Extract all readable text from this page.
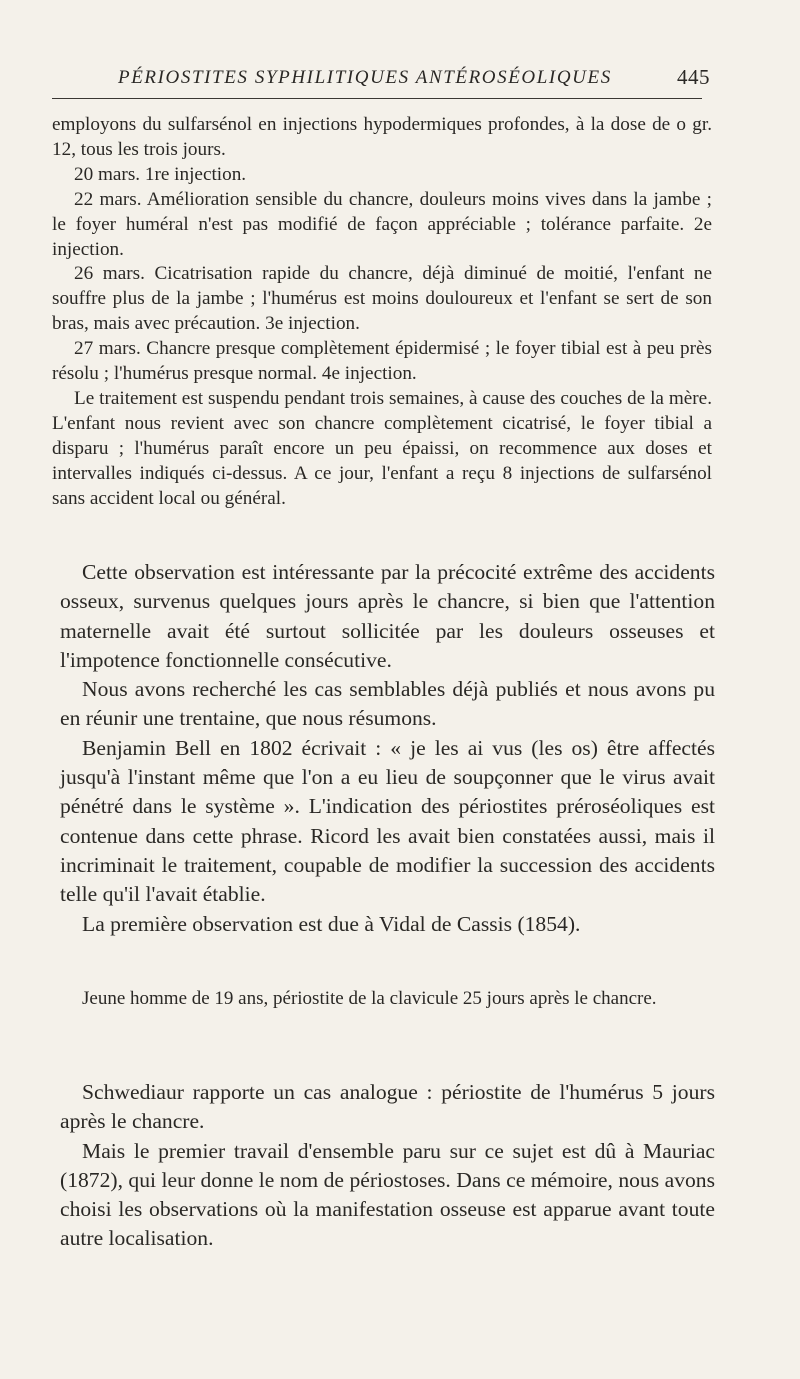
PÉRIOSTITES SYPHILITIQUES ANTÉROSÉOLIQUES	445

employons du sulfarsénol en injections hypodermiques profondes, à la dose de o gr. 12, tous les trois jours.

20 mars. 1re injection.

22 mars. Amélioration sensible du chancre, douleurs moins vives dans la jambe ; le foyer huméral n'est pas modifié de façon appréciable ; tolérance parfaite. 2e injection.

26 mars. Cicatrisation rapide du chancre, déjà diminué de moitié, l'enfant ne souffre plus de la jambe ; l'humérus est moins douloureux et l'enfant se sert de son bras, mais avec précaution. 3e injection.

27 mars. Chancre presque complètement épidermisé ; le foyer tibial est à peu près résolu ; l'humérus presque normal. 4e injection.

Le traitement est suspendu pendant trois semaines, à cause des couches de la mère. L'enfant nous revient avec son chancre complètement cicatrisé, le foyer tibial a disparu ; l'humérus paraît encore un peu épaissi, on recommence aux doses et intervalles indiqués ci-dessus. A ce jour, l'enfant a reçu 8 injections de sulfarsénol sans accident local ou général.

Cette observation est intéressante par la précocité extrême des accidents osseux, survenus quelques jours après le chancre, si bien que l'attention maternelle avait été surtout sollicitée par les douleurs osseuses et l'impotence fonctionnelle consécutive.

Nous avons recherché les cas semblables déjà publiés et nous avons pu en réunir une trentaine, que nous résumons.

Benjamin Bell en 1802 écrivait : « je les ai vus (les os) être affectés jusqu'à l'instant même que l'on a eu lieu de soupçonner que le virus avait pénétré dans le système ». L'indication des périostites préroséoliques est contenue dans cette phrase. Ricord les avait bien constatées aussi, mais il incriminait le traitement, coupable de modifier la succession des accidents telle qu'il l'avait établie.

La première observation est due à Vidal de Cassis (1854).

Jeune homme de 19 ans, périostite de la clavicule 25 jours après le chancre.

Schwediaur rapporte un cas analogue : périostite de l'humérus 5 jours après le chancre.

Mais le premier travail d'ensemble paru sur ce sujet est dû à Mauriac (1872), qui leur donne le nom de périostoses. Dans ce mémoire, nous avons choisi les observations où la manifestation osseuse est apparue avant toute autre localisation.
